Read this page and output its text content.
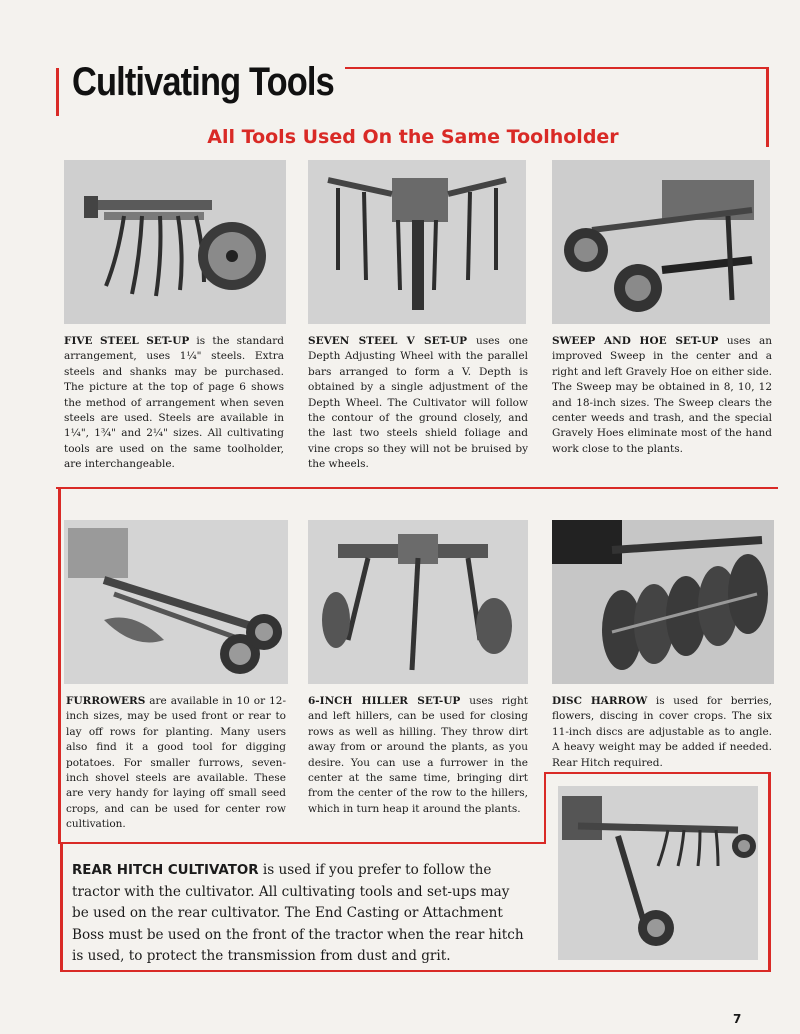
Cultivating Tools
All Tools Used On the Same Toolholder

FIVE STEEL SET-UP is the standard arrangement, uses 1¼" steels. Extra steels and shanks may be purchased. The picture at the top of page 6 shows the method of arrangement when seven steels are used. Steels are available in 1¼", 1¾" and 2¼" sizes. All cultivating tools are used on the same toolholder, are interchangeable.

SEVEN STEEL V SET-UP uses one Depth Adjusting Wheel with the parallel bars arranged to form a V. Depth is obtained by a single adjustment of the Depth Wheel. The Cultivator will follow the contour of the ground closely, and the last two steels shield foliage and vine crops so they will not be bruised by the wheels.

SWEEP AND HOE SET-UP uses an improved Sweep in the center and a right and left Gravely Hoe on either side. The Sweep may be obtained in 8, 10, 12 and 18-inch sizes. The Sweep clears the center weeds and trash, and the special Gravely Hoes eliminate most of the hand work close to the plants.

FURROWERS are available in 10 or 12-inch sizes, may be used front or rear to lay off rows for planting. Many users also find it a good tool for digging potatoes. For smaller furrows, seven-inch shovel steels are available. These are very handy for laying off small seed crops, and can be used for center row cultivation.

6-INCH HILLER SET-UP uses right and left hillers, can be used for closing rows as well as hilling. They throw dirt away from or around the plants, as you desire. You can use a furrower in the center at the same time, bringing dirt from the center of the row to the hillers, which in turn heap it around the plants.

DISC HARROW is used for berries, flowers, discing in cover crops. The six 11-inch discs are adjustable as to angle. A heavy weight may be added if needed. Rear Hitch required.

REAR HITCH CULTIVATOR is used if you prefer to follow the tractor with the cultivator. All cultivating tools and set-ups may be used on the rear cultivator. The End Casting or Attachment Boss must be used on the front of the tractor when the rear hitch is used, to protect the transmission from dust and grit.

7
